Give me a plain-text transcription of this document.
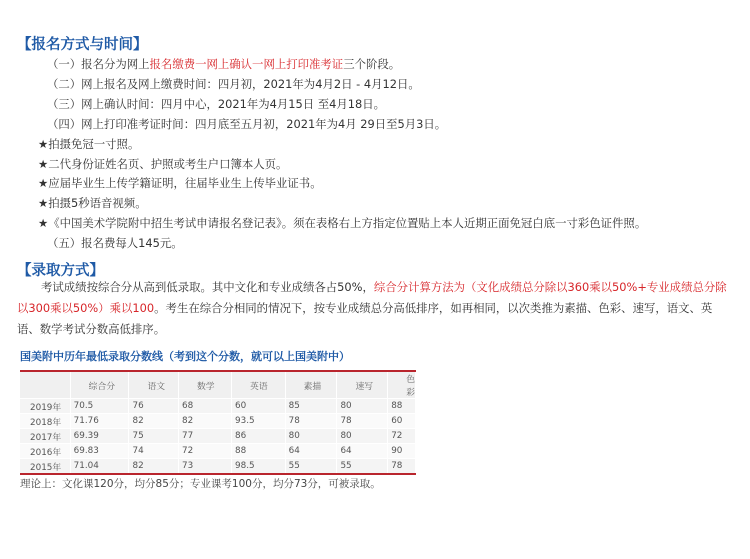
【报名方式与时间】
（一）报名分为网上报名缴费一网上确认一网上打印准考证三个阶段。
（二）网上报名及网上缴费时间：四月初，2021年为4月2日 - 4月12日。
（三）网上确认时间：四月中心，2021年为4月15日 至4月18日。
（四）网上打印准考证时间：四月底至五月初，2021年为4月 29日至5月3日。
★拍摄免冠一寸照。
★二代身份证姓名页、护照或考生户口簿本人页。
★应届毕业生上传学籍证明，往届毕业生上传毕业证书。
★拍摄5秒语音视频。
★《中国美术学院附中招生考试申请报名登记表》。须在表格右上方指定位置贴上本人近期正面免冠白底一寸彩色证件照。
（五）报名费每人145元。
【录取方式】
考试成绩按综合分从高到低录取。其中文化和专业成绩各占50%，综合分计算方法为（文化成绩总分除以360乘以50%+专业成绩总分除以300乘以50%）乘以100。考生在综合分相同的情况下，按专业成绩总分高低排序，如再相同，以次类推为素描、色彩、速写，语文、英语、数学考试分数高低排序。
国美附中历年最低录取分数线（考到这个分数，就可以上国美附中）
	综合分	语文	数学	英语	素描	速写	色彩
2019年	70.5	76	68	60	85	80	88
2018年	71.76	82	82	93.5	78	78	60
2017年	69.39	75	77	86	80	80	72
2016年	69.83	74	72	88	64	64	90
2015年	71.04	82	73	98.5	55	55	78
理论上：文化课120分，均分85分；专业课考100分，均分73分，可被录取。
